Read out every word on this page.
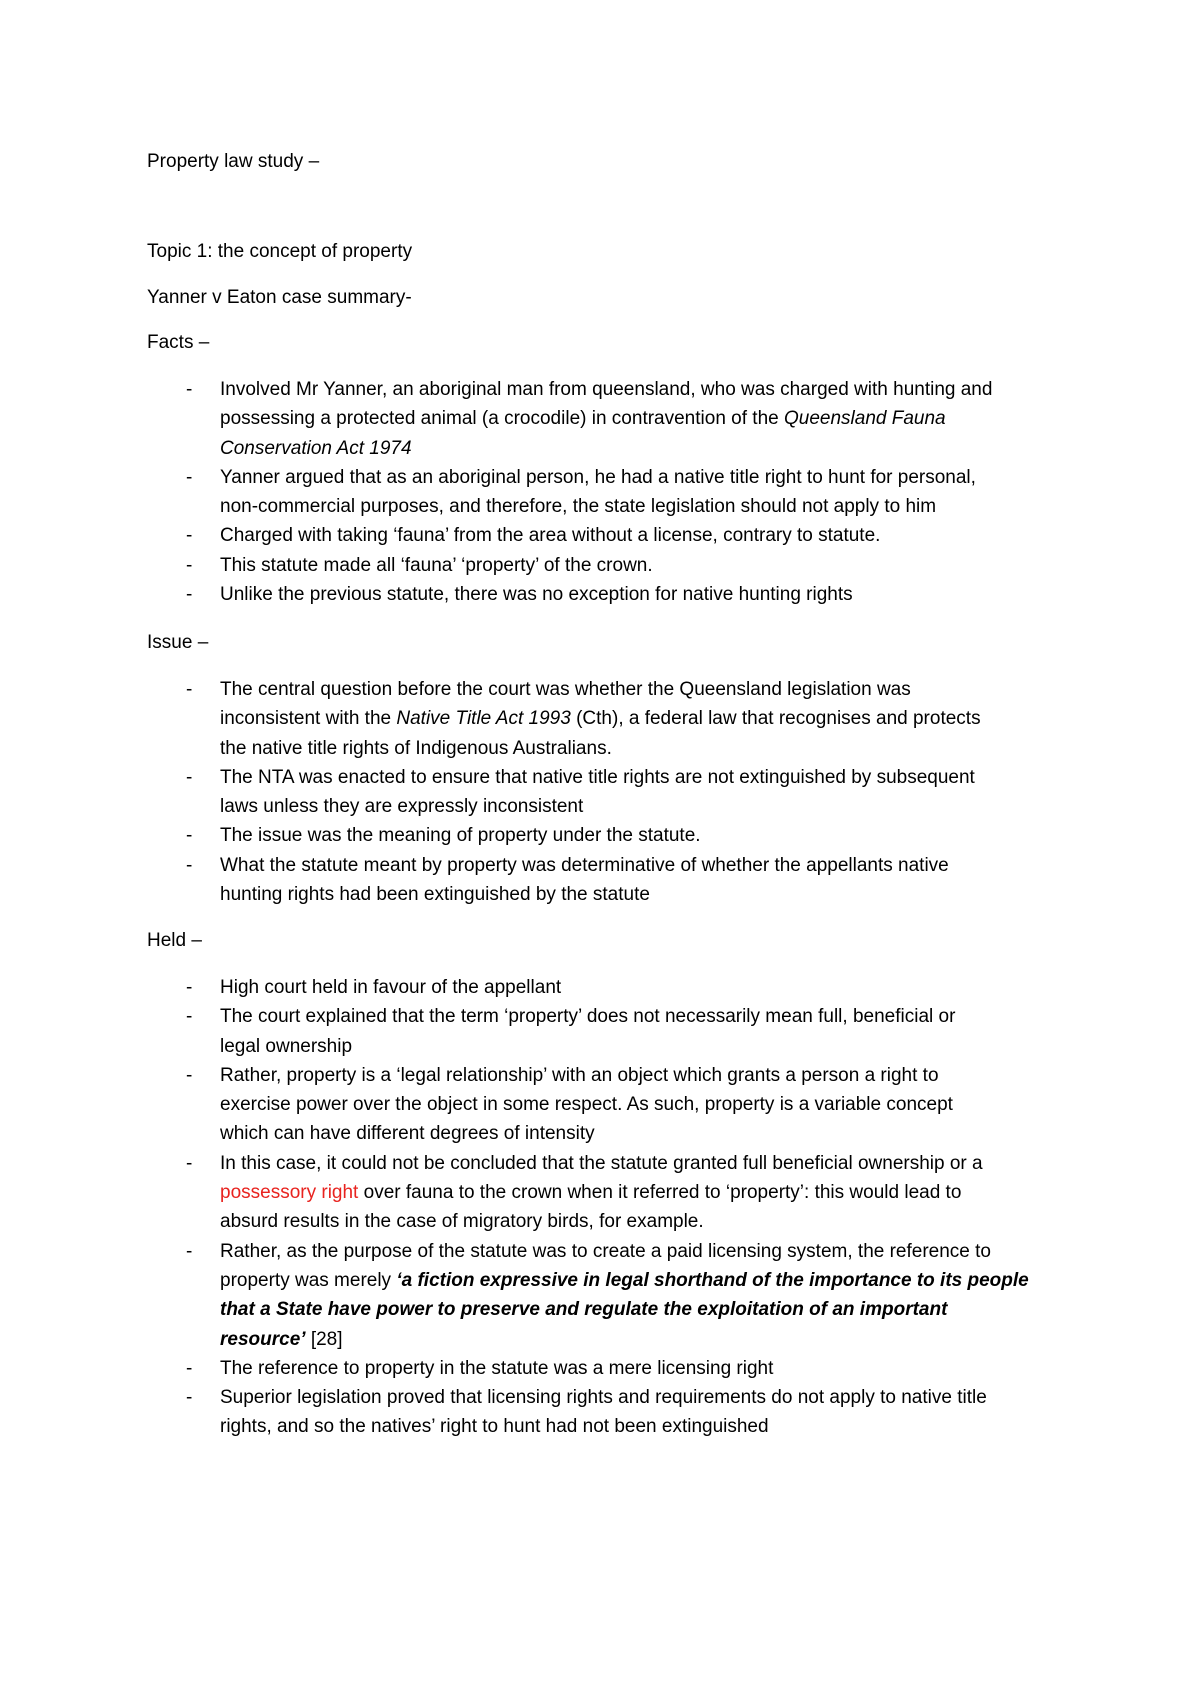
Property law study –
Topic 1: the concept of property
Yanner v Eaton case summary-
Facts –
- Involved Mr Yanner, an aboriginal man from queensland, who was charged with hunting and
possessing a protected animal (a crocodile) in contravention of the Queensland Fauna
Conservation Act 1974
- Yanner argued that as an aboriginal person, he had a native title right to hunt for personal,
non-commercial purposes, and therefore, the state legislation should not apply to him
- Charged with taking ‘fauna’ from the area without a license, contrary to statute.
- This statute made all ‘fauna’ ‘property’ of the crown.
- Unlike the previous statute, there was no exception for native hunting rights
Issue –
- The central question before the court was whether the Queensland legislation was
inconsistent with the Native Title Act 1993 (Cth), a federal law that recognises and protects
the native title rights of Indigenous Australians.
- The NTA was enacted to ensure that native title rights are not extinguished by subsequent
laws unless they are expressly inconsistent
- The issue was the meaning of property under the statute.
- What the statute meant by property was determinative of whether the appellants native
hunting rights had been extinguished by the statute
Held –
- High court held in favour of the appellant
- The court explained that the term ‘property’ does not necessarily mean full, beneficial or
legal ownership
- Rather, property is a ‘legal relationship’ with an object which grants a person a right to
exercise power over the object in some respect. As such, property is a variable concept
which can have different degrees of intensity
- In this case, it could not be concluded that the statute granted full beneficial ownership or a
possessory right over fauna to the crown when it referred to ‘property’: this would lead to
absurd results in the case of migratory birds, for example.
- Rather, as the purpose of the statute was to create a paid licensing system, the reference to
property was merely ‘a fiction expressive in legal shorthand of the importance to its people
that a State have power to preserve and regulate the exploitation of an important
resource’ [28]
- The reference to property in the statute was a mere licensing right
- Superior legislation proved that licensing rights and requirements do not apply to native title
rights, and so the natives’ right to hunt had not been extinguished
